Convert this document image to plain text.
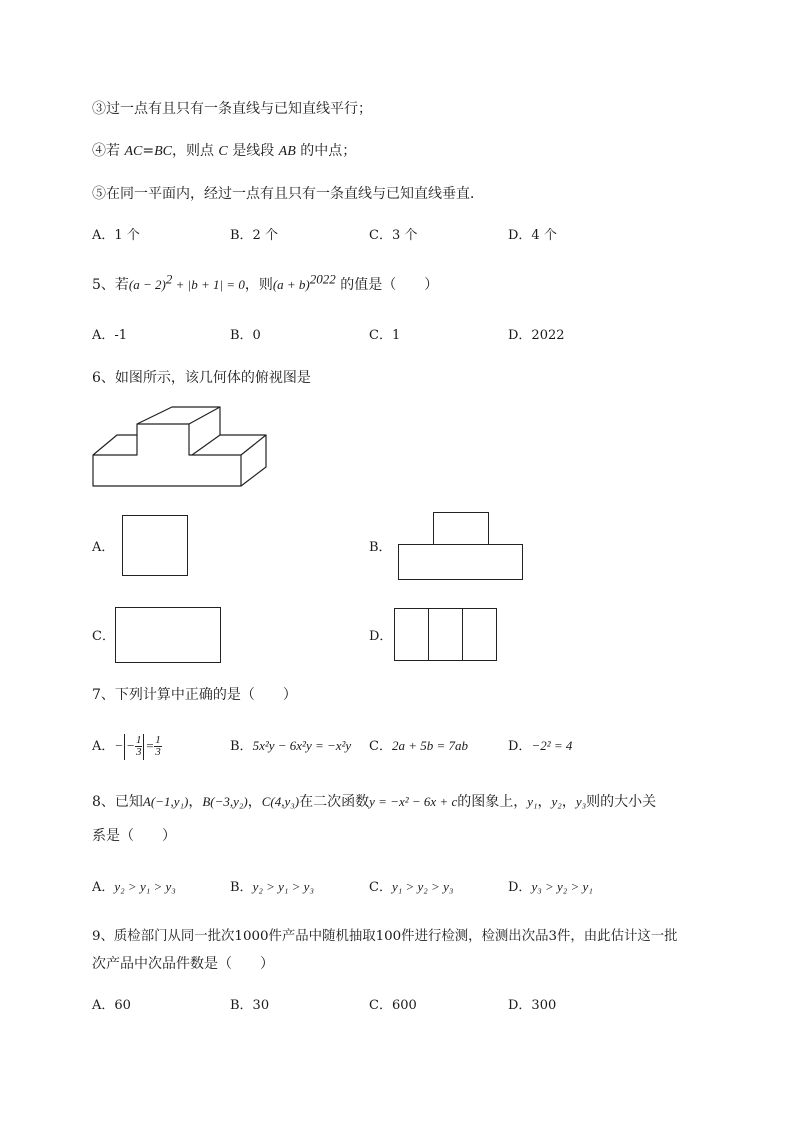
③过一点有且只有一条直线与已知直线平行；
④若 AC=BC，则点 C 是线段 AB 的中点；
⑤在同一平面内，经过一点有且只有一条直线与已知直线垂直．
A．1 个	B．2 个	C．3 个	D．4 个
5、若$(a - 2)^2 + |b + 1| = 0$，则$(a + b)^{2022}$ 的值是（　　）
A．-1	B．0	C．1	D．2022
6、如图所示，该几何体的俯视图是
A．	B．
C．	D．
7、下列计算中正确的是（　　）
A．− − $\frac{1}{3} = \frac{1}{3}$	B．5x²y − 6x²y = −x²y C．2a + 5b = 7ab	D．−2² = 4
8、已知A(−1,y₁)，B(−3,y₂)，C(4,y₃)在二次函数y = −x² − 6x + c的图象上，y₁，y₂，y₃则的大小关
系是（　　）
A．y₂ > y₁ > y₃	B．y₂ > y₁ > y₃	C．y₁ > y₂ > y₃	D．y₃ > y₂ > y₁
9、质检部门从同一批次1000件产品中随机抽取100件进行检测，检测出次品3件，由此估计这一批
次产品中次品件数是（　　）
A．60	B．30	C．600	D．300
